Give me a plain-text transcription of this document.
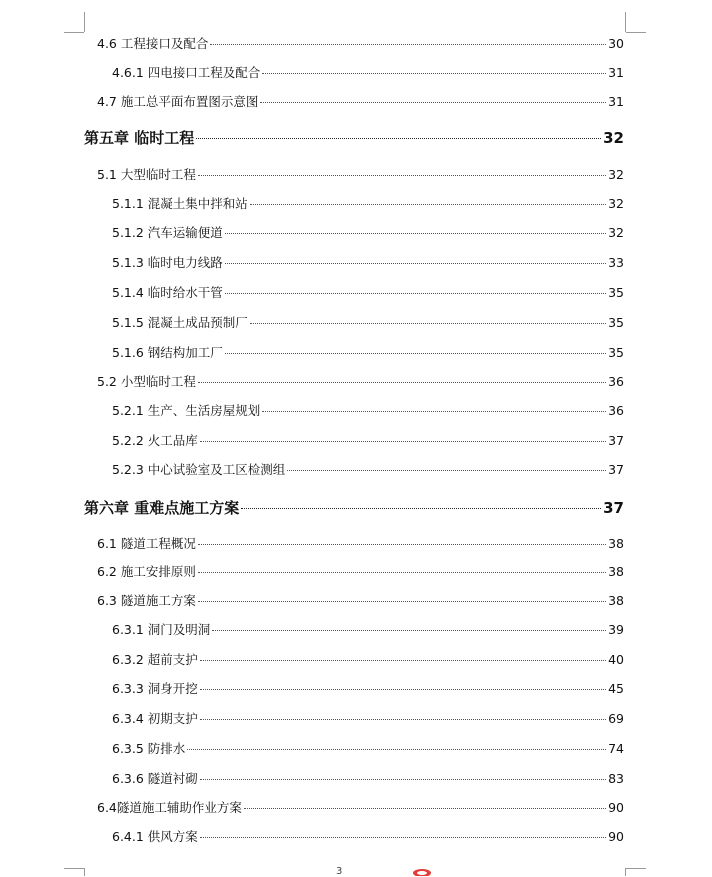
4.6 工程接口及配合	30
4.6.1 四电接口工程及配合	31
4.7 施工总平面布置图示意图	31
第五章 临时工程	32
5.1 大型临时工程	32
5.1.1 混凝土集中拌和站	32
5.1.2 汽车运输便道	32
5.1.3 临时电力线路	33
5.1.4 临时给水干管	35
5.1.5 混凝土成品预制厂	35
5.1.6 钢结构加工厂	35
5.2 小型临时工程	36
5.2.1 生产、生活房屋规划	36
5.2.2 火工品库	37
5.2.3 中心试验室及工区检测组	37
第六章 重难点施工方案	37
6.1 隧道工程概况	38
6.2 施工安排原则	38
6.3 隧道施工方案	38
6.3.1 洞门及明洞	39
6.3.2 超前支护	40
6.3.3 洞身开挖	45
6.3.4 初期支护	69
6.3.5 防排水	74
6.3.6 隧道衬砌	83
6.4隧道施工辅助作业方案	90
6.4.1 供风方案	90
3
